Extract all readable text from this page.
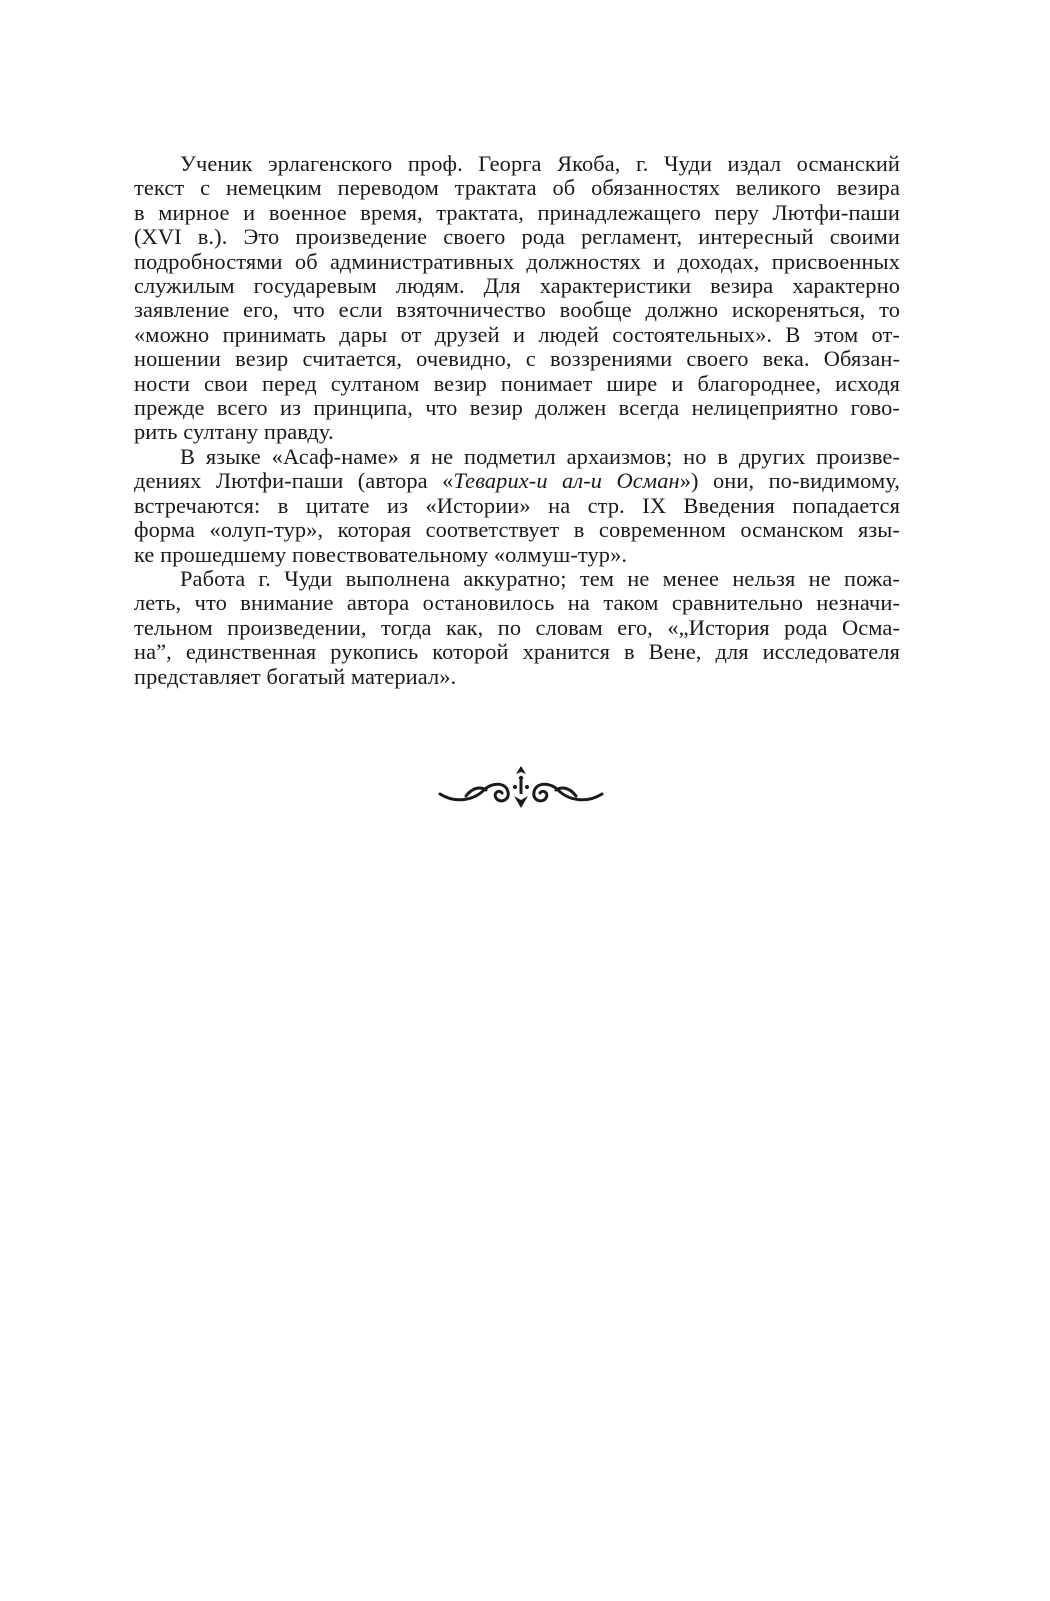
Ученик эрлагенского проф. Георга Якоба, г. Чуди издал османский
текст с немецким переводом трактата об обязанностях великого везира
в мирное и военное время, трактата, принадлежащего перу Лютфи-паши
(XVI в.). Это произведение своего рода регламент, интересный своими
подробностями об административных должностях и доходах, присвоенных
служилым государевым людям. Для характеристики везира характерно
заявление его, что если взяточничество вообще должно искореняться, то
«можно принимать дары от друзей и людей состоятельных». В этом от-
ношении везир считается, очевидно, с воззрениями своего века. Обязан-
ности свои перед султаном везир понимает шире и благороднее, исходя
прежде всего из принципа, что везир должен всегда нелицеприятно гово-
рить султану правду.

В языке «Асаф-наме» я не подметил архаизмов; но в других произве-
дениях Лютфи-паши (автора «Теварих-и ал-и Осман») они, по-видимому,
встречаются: в цитате из «Истории» на стр. IX Введения попадается
форма «олуп-тур», которая соответствует в современном османском язы-
ке прошедшему повествовательному «олмуш-тур».

Работа г. Чуди выполнена аккуратно; тем не менее нельзя не пожа-
леть, что внимание автора остановилось на таком сравнительно незначи-
тельном произведении, тогда как, по словам его, «„История рода Осма-
на”, единственная рукопись которой хранится в Вене, для исследователя
представляет богатый материал».
